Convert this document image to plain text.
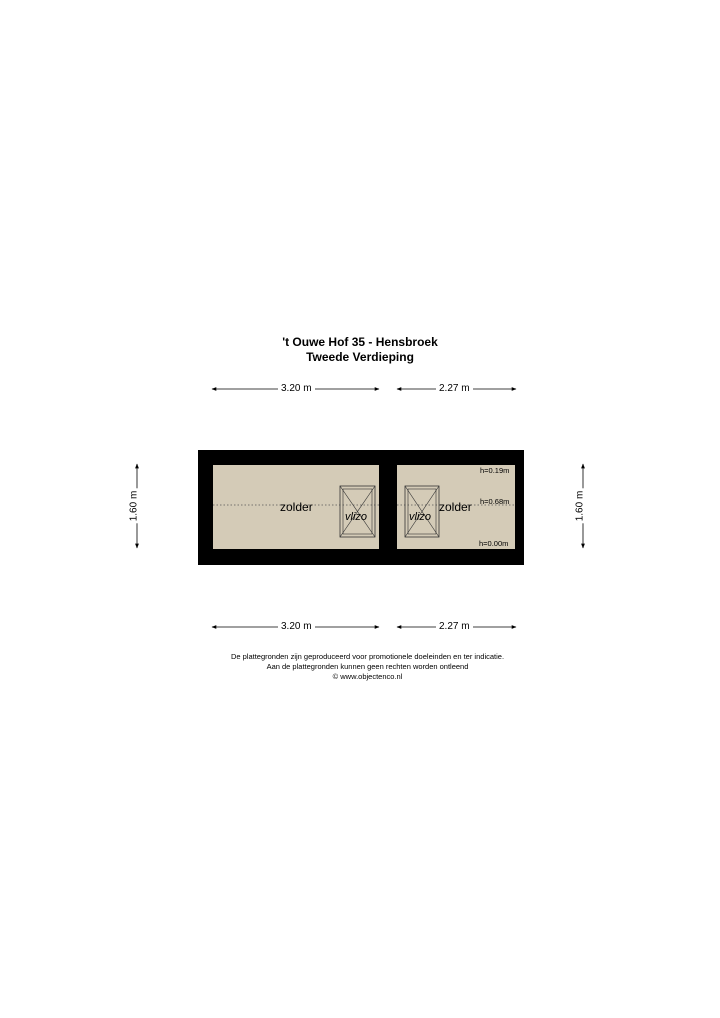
't Ouwe Hof 35 - Hensbroek
Tweede Verdieping
3.20 m	2.27 m
3.20 m	2.27 m
1.60 m	1.60 m
zolder	zolder
vlizo	vlizo
h=0.19m
h=0.68m
h=0.00m
De plattegronden zijn geproduceerd voor promotionele doeleinden en ter indicatie.
Aan de plattegronden kunnen geen rechten worden ontleend
© www.objectenco.nl
